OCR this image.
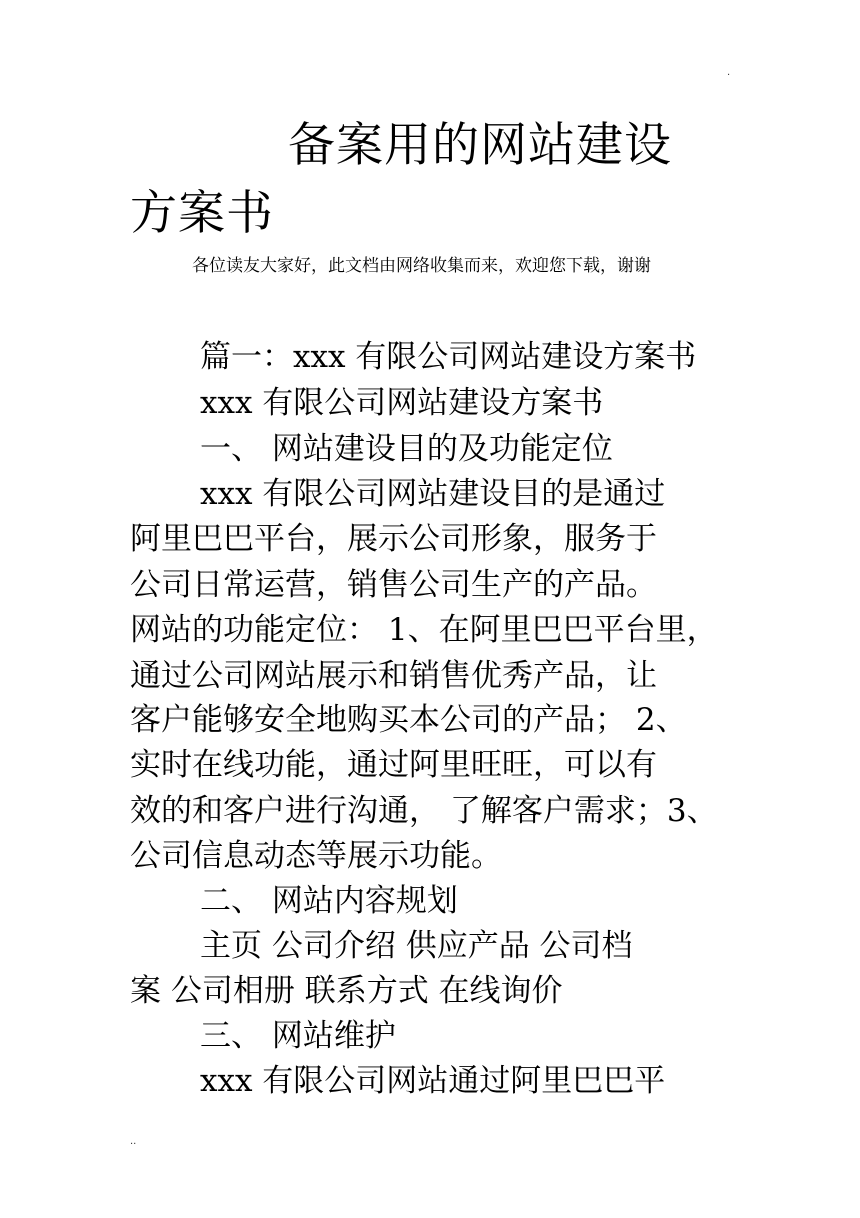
.
备案用的网站建设
方案书
各位读友大家好，此文档由网络收集而来，欢迎您下载，谢谢
篇一：xxx 有限公司网站建设方案书
xxx 有限公司网站建设方案书
一、 网站建设目的及功能定位
xxx 有限公司网站建设目的是通过
阿里巴巴平台，展示公司形象，服务于
公司日常运营，销售公司生产的产品。
网站的功能定位： 1、在阿里巴巴平台里，
通过公司网站展示和销售优秀产品，让
客户能够安全地购买本公司的产品； 2、
实时在线功能，通过阿里旺旺，可以有
效的和客户进行沟通， 了解客户需求；3、
公司信息动态等展示功能。
二、 网站内容规划
主页 公司介绍 供应产品 公司档
案 公司相册 联系方式 在线询价
三、 网站维护
xxx 有限公司网站通过阿里巴巴平
..
